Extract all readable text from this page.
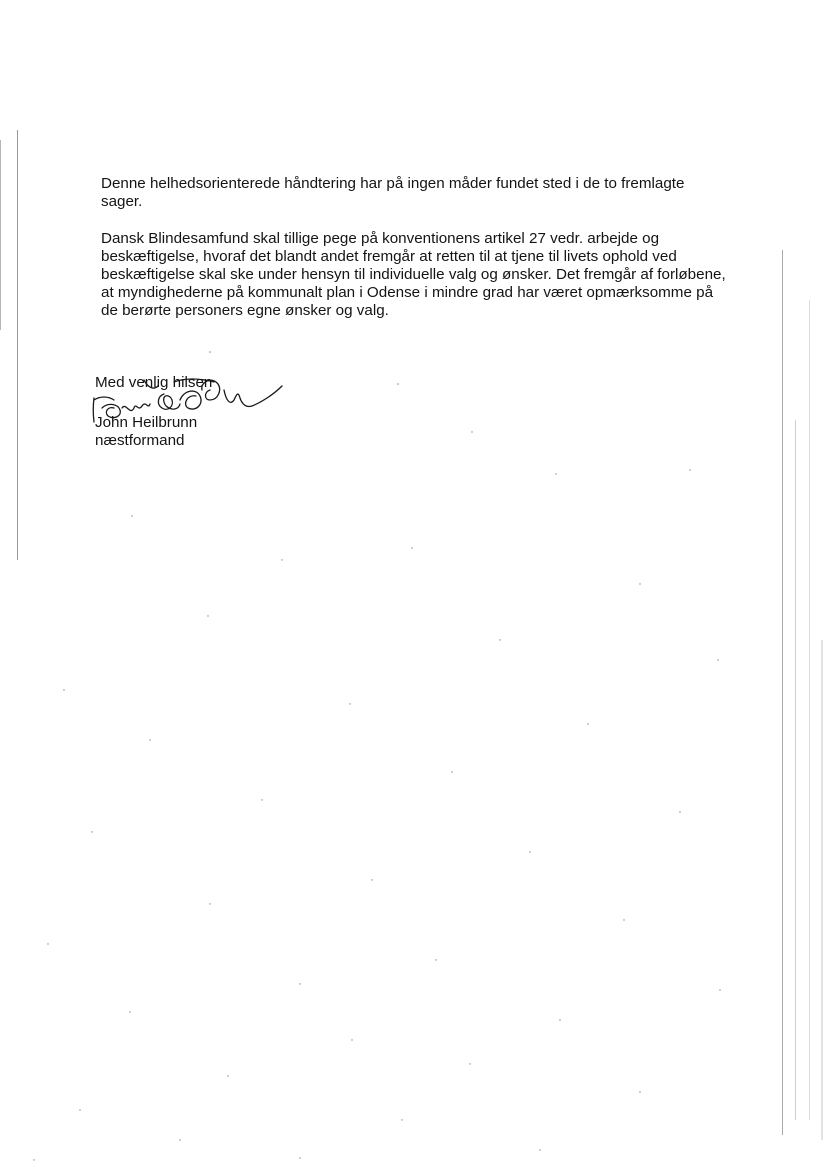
Denne helhedsorienterede håndtering har på ingen måder fundet sted i de to fremlagte
sager.

Dansk Blindesamfund skal tillige pege på konventionens artikel 27 vedr. arbejde og
beskæftigelse, hvoraf det blandt andet fremgår at retten til at tjene til livets ophold ved
beskæftigelse skal ske under hensyn til individuelle valg og ønsker. Det fremgår af forløbene,
at myndighederne på kommunalt plan i Odense i mindre grad har været opmærksomme på
de berørte personers egne ønsker og valg.

Med venlig hilsen
John Heilbrunn
næstformand
